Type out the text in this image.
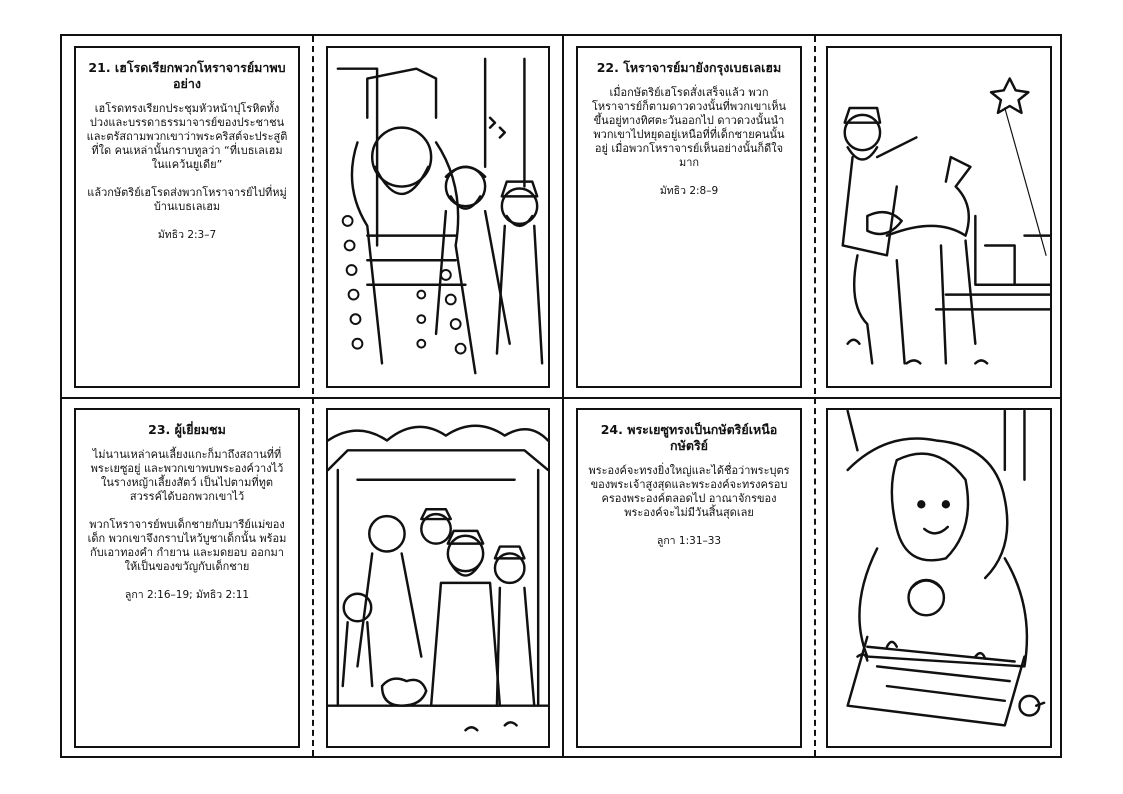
21. เฮโรดเรียกพวกโหราจารย์มาพบอย่าง
เฮโรดทรงเรียกประชุมหัวหน้าปุโรหิตทั้งปวงและบรรดาธรรมาจารย์ของประชาชน และตรัสถามพวกเขาว่าพระคริสต์จะประสูติที่ใด คนเหล่านั้นกราบทูลว่า “ที่เบธเลเฮมในแคว้นยูเดีย”
แล้วกษัตริย์เฮโรดส่งพวกโหราจารย์ไปที่หมู่บ้านเบธเลเฮม
มัทธิว 2:3–7
22. โหราจารย์มายังกรุงเบธเลเฮม
เมื่อกษัตริย์เฮโรดสั่งเสร็จแล้ว พวกโหราจารย์ก็ตามดาวดวงนั้นที่พวกเขาเห็นขึ้นอยู่ทางทิศตะวันออกไป ดาวดวงนั้นนำพวกเขาไปหยุดอยู่เหนือที่ที่เด็กชายคนนั้นอยู่ เมื่อพวกโหราจารย์เห็นอย่างนั้นก็ดีใจมาก
มัทธิว 2:8–9
23. ผู้เยี่ยมชม
ไม่นานเหล่าคนเลี้ยงแกะก็มาถึงสถานที่ที่พระเยซูอยู่ และพวกเขาพบพระองค์วางไว้ในรางหญ้าเลี้ยงสัตว์ เป็นไปตามที่ทูตสวรรค์ได้บอกพวกเขาไว้
พวกโหราจารย์พบเด็กชายกับมารีย์แม่ของเด็ก พวกเขาจึงกราบไหว้บูชาเด็กนั้น พร้อมกับเอาทองคำ กำยาน และมดยอบ ออกมาให้เป็นของขวัญกับเด็กชาย
ลูกา 2:16–19; มัทธิว 2:11
24. พระเยซูทรงเป็นกษัตริย์เหนือกษัตริย์
พระองค์จะทรงยิ่งใหญ่และได้ชื่อว่าพระบุตรของพระเจ้าสูงสุดและพระองค์จะทรงครอบครองพระองค์ตลอดไป อาณาจักรของพระองค์จะไม่มีวันสิ้นสุดเลย
ลูกา 1:31–33
